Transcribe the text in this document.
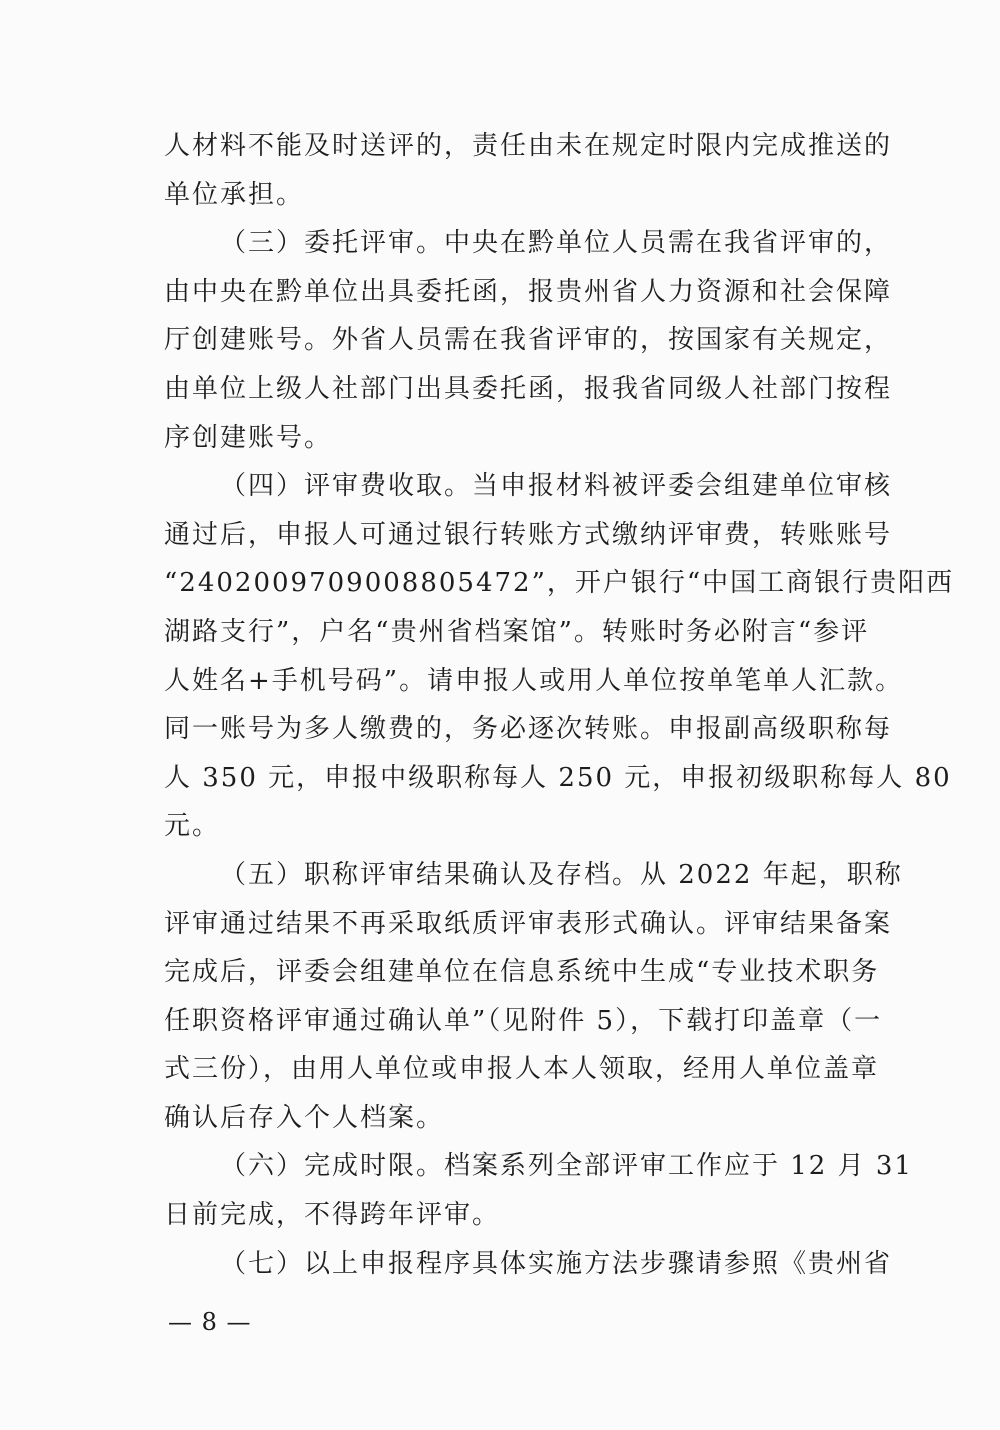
人材料不能及时送评的，责任由未在规定时限内完成推送的
单位承担。
（三）委托评审。中央在黔单位人员需在我省评审的，
由中央在黔单位出具委托函，报贵州省人力资源和社会保障
厅创建账号。外省人员需在我省评审的，按国家有关规定，
由单位上级人社部门出具委托函，报我省同级人社部门按程
序创建账号。
（四）评审费收取。当申报材料被评委会组建单位审核
通过后，申报人可通过银行转账方式缴纳评审费，转账账号
“2402009709008805472”，开户银行“中国工商银行贵阳西
湖路支行”，户名“贵州省档案馆”。转账时务必附言“参评
人姓名+手机号码”。请申报人或用人单位按单笔单人汇款。
同一账号为多人缴费的，务必逐次转账。申报副高级职称每
人 350 元，申报中级职称每人 250 元，申报初级职称每人 80
元。
（五）职称评审结果确认及存档。从 2022 年起，职称
评审通过结果不再采取纸质评审表形式确认。评审结果备案
完成后，评委会组建单位在信息系统中生成“专业技术职务
任职资格评审通过确认单”（见附件 5），下载打印盖章（一
式三份），由用人单位或申报人本人领取，经用人单位盖章
确认后存入个人档案。
（六）完成时限。档案系列全部评审工作应于 12 月 31
日前完成，不得跨年评审。
（七）以上申报程序具体实施方法步骤请参照《贵州省
— 8 —
